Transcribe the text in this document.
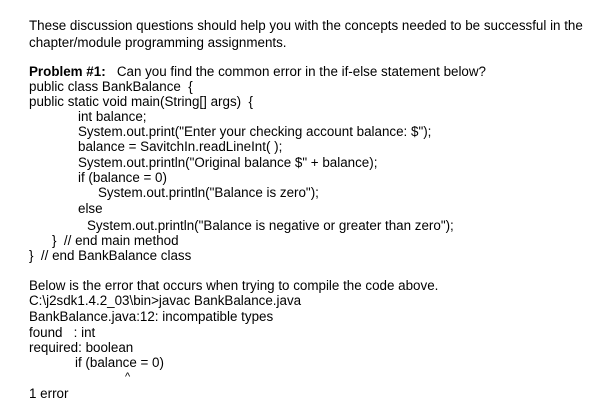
These discussion questions should help you with the concepts needed to be successful in the
chapter/module programming assignments.
Problem #1: Can you find the common error in the if-else statement below?
public class BankBalance  {
public static void main(String[] args)  {
int balance;
System.out.print("Enter your checking account balance: $");
balance = SavitchIn.readLineInt( );
System.out.println("Original balance $" + balance);
if (balance = 0)
System.out.println("Balance is zero");
else
System.out.println("Balance is negative or greater than zero");
}  // end main method
}  // end BankBalance class
Below is the error that occurs when trying to compile the code above.
C:\j2sdk1.4.2_03\bin>javac BankBalance.java
BankBalance.java:12: incompatible types
found   : int
required: boolean
if (balance = 0)
^
1 error
